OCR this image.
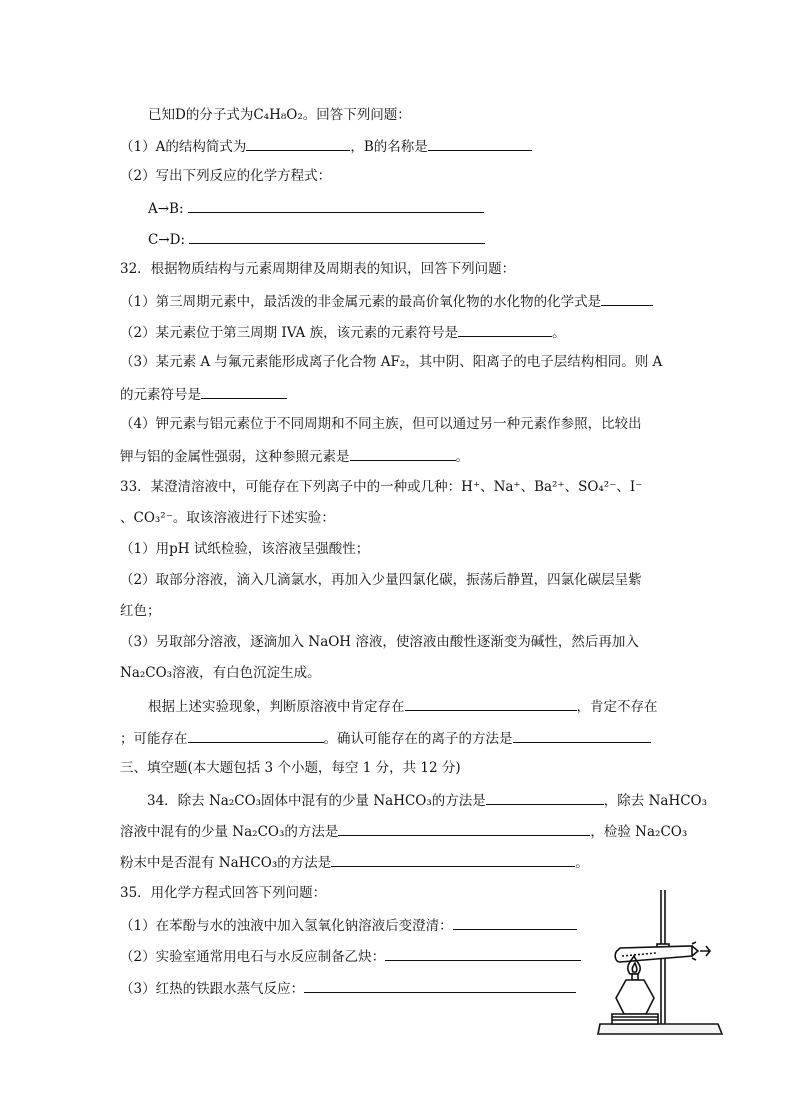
已知D的分子式为C₄H₈O₂。回答下列问题：
（1）A的结构简式为	，B的名称是
（2）写出下列反应的化学方程式：
A→B:
C→D:
32．根据物质结构与元素周期律及周期表的知识，回答下列问题：
（1）第三周期元素中，最活泼的非金属元素的最高价氧化物的水化物的化学式是
（2）某元素位于第三周期 IVA 族，该元素的元素符号是	。
（3）某元素 A 与氟元素能形成离子化合物 AF₂，其中阴、阳离子的电子层结构相同。则 A
的元素符号是
（4）钾元素与铝元素位于不同周期和不同主族，但可以通过另一种元素作参照，比较出
钾与铝的金属性强弱，这种参照元素是	。
33．某澄清溶液中，可能存在下列离子中的一种或几种：H⁺、Na⁺、Ba²⁺、SO₄²⁻、I⁻
、CO₃²⁻。取该溶液进行下述实验：
（1）用pH 试纸检验，该溶液呈强酸性；
（2）取部分溶液，滴入几滴氯水，再加入少量四氯化碳，振荡后静置，四氯化碳层呈紫
红色；
（3）另取部分溶液，逐滴加入 NaOH 溶液，使溶液由酸性逐渐变为碱性，然后再加入
Na₂CO₃溶液，有白色沉淀生成。
根据上述实验现象，判断原溶液中肯定存在	，肯定不存在
；可能存在	。确认可能存在的离子的方法是
三、填空题(本大题包括 3 个小题，每空 1 分，共 12 分)
34．除去 Na₂CO₃固体中混有的少量 NaHCO₃的方法是	，除去 NaHCO₃
溶液中混有的少量 Na₂CO₃的方法是	，检验 Na₂CO₃
粉末中是否混有 NaHCO₃的方法是	。
35．用化学方程式回答下列问题：
（1）在苯酚与水的浊液中加入氢氧化钠溶液后变澄清：
（2）实验室通常用电石与水反应制备乙炔：
（3）红热的铁跟水蒸气反应：
